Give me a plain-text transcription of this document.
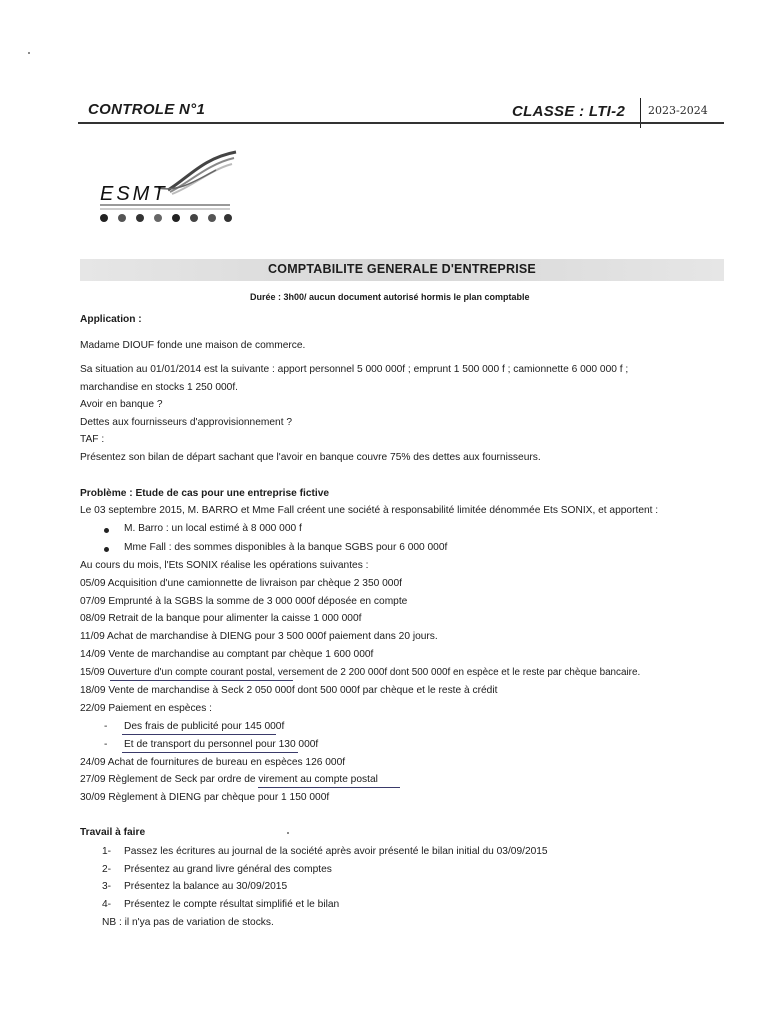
CONTROLE N°1	CLASSE : LTI-2 2023-2024
ESMT
COMPTABILITE GENERALE D'ENTREPRISE
Durée : 3h00/ aucun document autorisé hormis le plan comptable
Application :
Madame DIOUF fonde une maison de commerce.
Sa situation au 01/01/2014 est la suivante : apport personnel 5 000 000f ; emprunt 1 500 000 f ; camionnette 6 000 000 f ;
marchandise en stocks 1 250 000f.
Avoir en banque ?
Dettes aux fournisseurs d'approvisionnement ?
TAF :
Présentez son bilan de départ sachant que l'avoir en banque couvre 75% des dettes aux fournisseurs.
Problème : Etude de cas pour une entreprise fictive
Le 03 septembre 2015, M. BARRO et Mme Fall créent une société à responsabilité limitée dénommée Ets SONIX, et apportent :
M. Barro : un local estimé à 8 000 000 f
Mme Fall : des sommes disponibles à la banque SGBS pour 6 000 000f
Au cours du mois, l'Ets SONIX réalise les opérations suivantes :
05/09 Acquisition d'une camionnette de livraison par chèque 2 350 000f
07/09 Emprunté à la SGBS la somme de 3 000 000f déposée en compte
08/09 Retrait de la banque pour alimenter la caisse 1 000 000f
11/09 Achat de marchandise à DIENG pour 3 500 000f paiement dans 20 jours.
14/09 Vente de marchandise au comptant par chèque 1 600 000f
15/09 Ouverture d'un compte courant postal, versement de 2 200 000f dont 500 000f en espèce et le reste par chèque bancaire.
18/09 Vente de marchandise à Seck 2 050 000f dont 500 000f par chèque et le reste à crédit
22/09 Paiement en espèces :
- Des frais de publicité pour 145 000f
- Et de transport du personnel pour 130 000f
24/09 Achat de fournitures de bureau en espèces 126 000f
27/09 Règlement de Seck par ordre de virement au compte postal
30/09 Règlement à DIENG par chèque pour 1 150 000f
Travail à faire
1- Passez les écritures au journal de la société après avoir présenté le bilan initial du 03/09/2015
2- Présentez au grand livre général des comptes
3- Présentez la balance au 30/09/2015
4- Présentez le compte résultat simplifié et le bilan
NB : il n'ya pas de variation de stocks.
